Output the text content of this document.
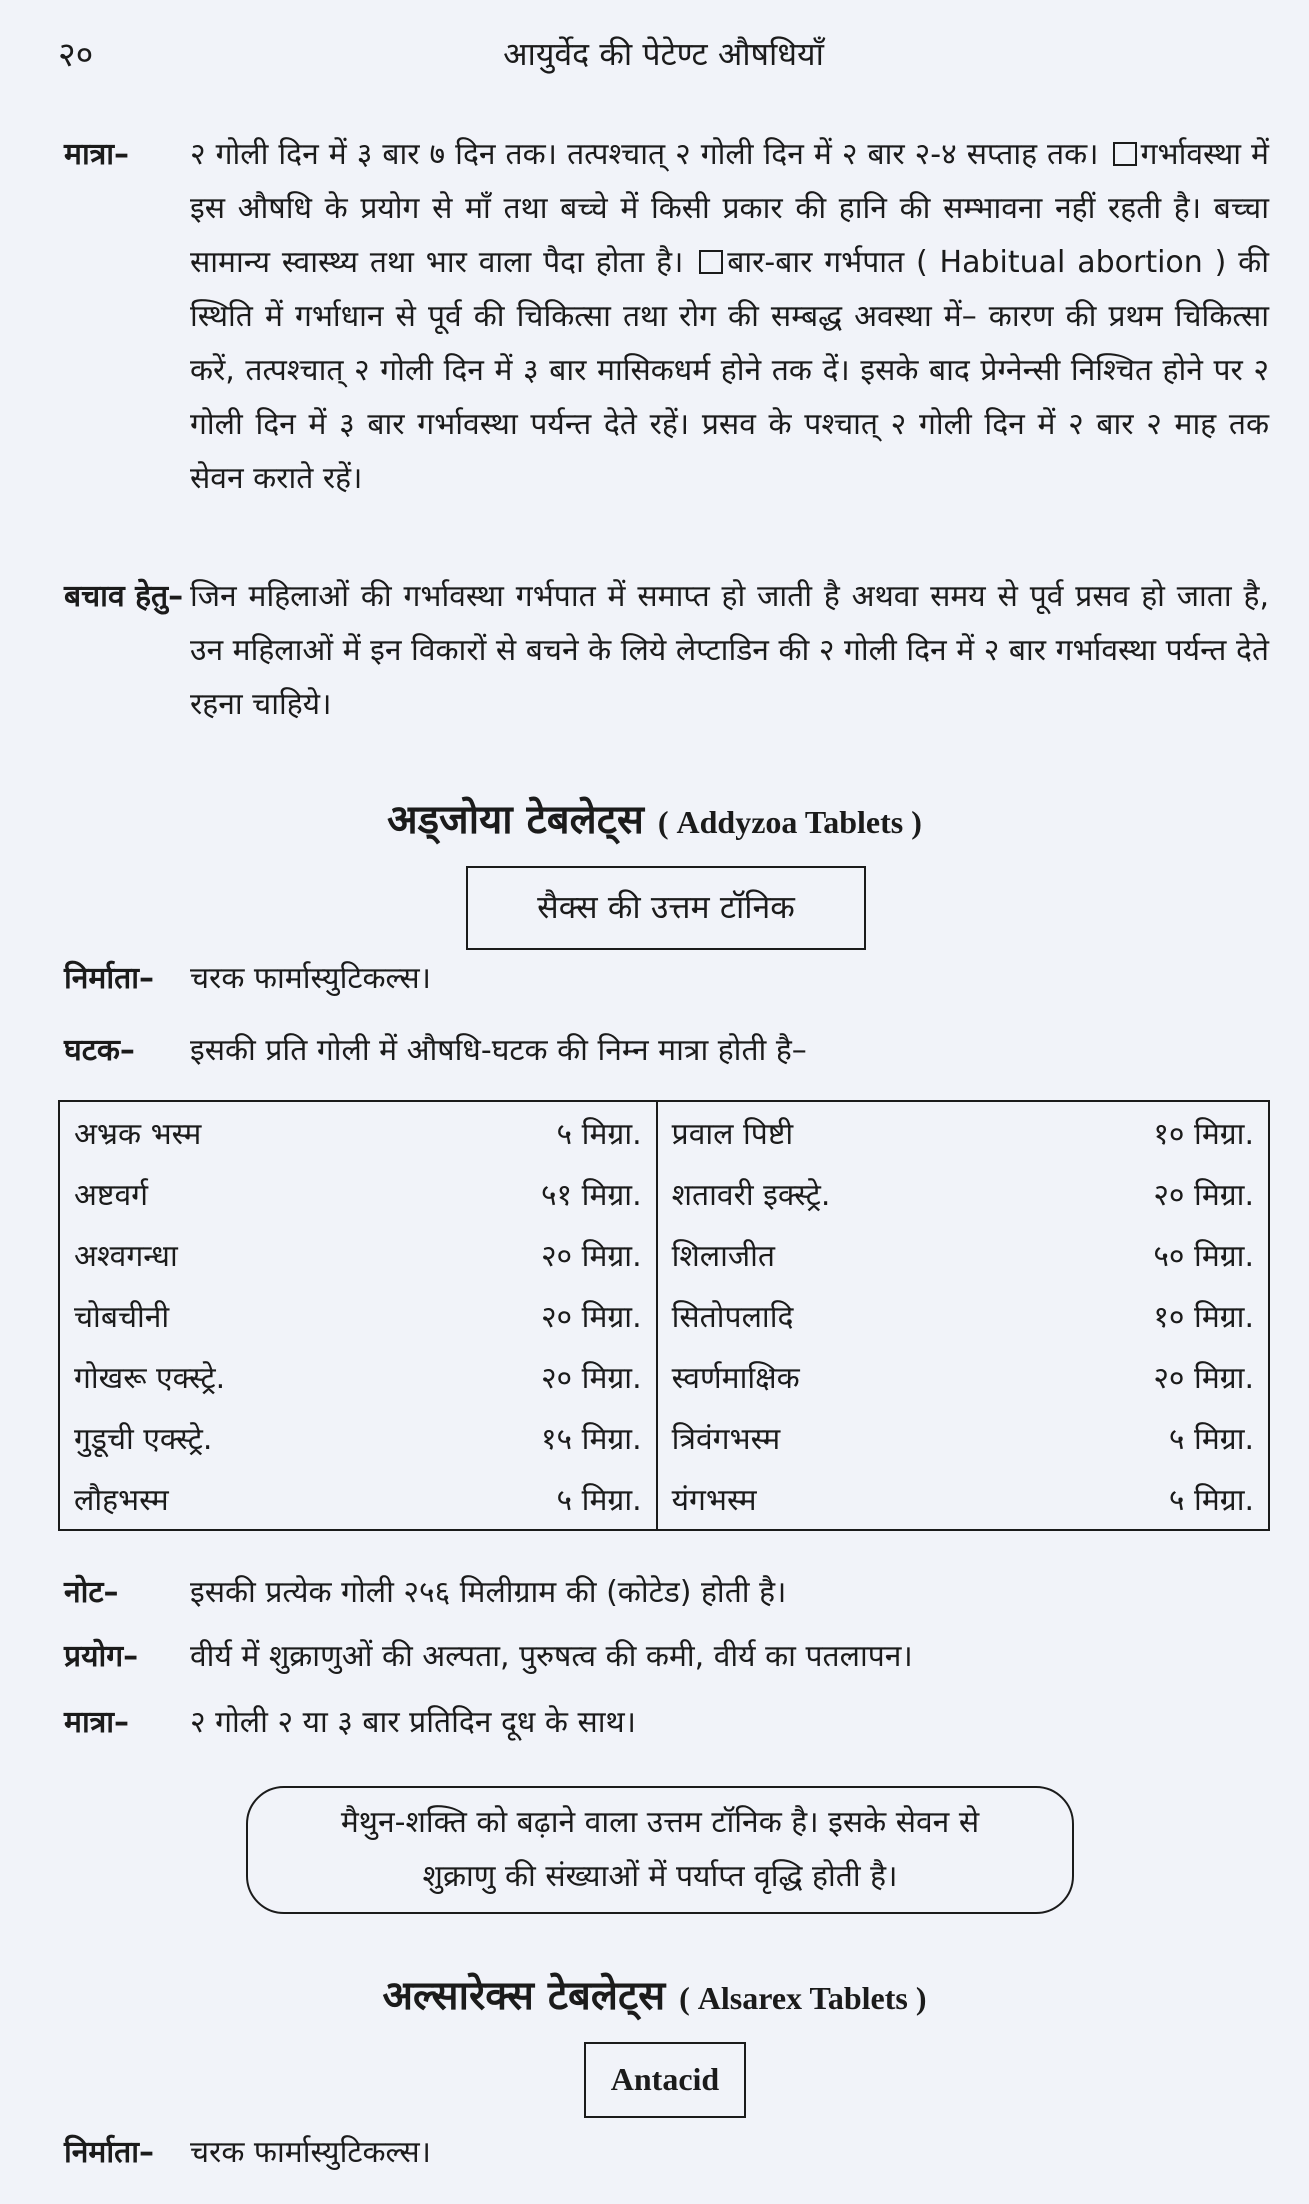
२०	आयुर्वेद की पेटेण्ट औषधियाँ
मात्रा– २ गोली दिन में ३ बार ७ दिन तक। तत्पश्चात् २ गोली दिन में २ बार २-४ सप्ताह तक। गर्भावस्था में इस औषधि के प्रयोग से माँ तथा बच्चे में किसी प्रकार की हानि की सम्भावना नहीं रहती है। बच्चा सामान्य स्वास्थ्य तथा भार वाला पैदा होता है। बार-बार गर्भपात ( Habitual abortion ) की स्थिति में गर्भाधान से पूर्व की चिकित्सा तथा रोग की सम्बद्ध अवस्था में– कारण की प्रथम चिकित्सा करें, तत्पश्चात् २ गोली दिन में ३ बार मासिकधर्म होने तक दें। इसके बाद प्रेग्नेन्सी निश्चित होने पर २ गोली दिन में ३ बार गर्भावस्था पर्यन्त देते रहें। प्रसव के पश्चात् २ गोली दिन में २ बार २ माह तक सेवन कराते रहें।
बचाव हेतु– जिन महिलाओं की गर्भावस्था गर्भपात में समाप्त हो जाती है अथवा समय से पूर्व प्रसव हो जाता है, उन महिलाओं में इन विकारों से बचने के लिये लेप्टाडिन की २ गोली दिन में २ बार गर्भावस्था पर्यन्त देते रहना चाहिये।
अड्जोया टेबलेट्स ( Addyzoa Tablets )
सैक्स की उत्तम टॉनिक
निर्माता– चरक फार्मास्युटिकल्स।
घटक– इसकी प्रति गोली में औषधि-घटक की निम्न मात्रा होती है–
अभ्रक भस्म	५ मिग्रा.	प्रवाल पिष्टी	१० मिग्रा.
अष्टवर्ग	५१ मिग्रा.	शतावरी इक्स्ट्रे.	२० मिग्रा.
अश्वगन्धा	२० मिग्रा.	शिलाजीत	५० मिग्रा.
चोबचीनी	२० मिग्रा.	सितोपलादि	१० मिग्रा.
गोखरू एक्स्ट्रे.	२० मिग्रा.	स्वर्णमाक्षिक	२० मिग्रा.
गुडूची एक्स्ट्रे.	१५ मिग्रा.	त्रिवंगभस्म	५ मिग्रा.
लौहभस्म	५ मिग्रा.	यंगभस्म	५ मिग्रा.
नोट– इसकी प्रत्येक गोली २५६ मिलीग्राम की (कोटेड) होती है।
प्रयोग– वीर्य में शुक्राणुओं की अल्पता, पुरुषत्व की कमी, वीर्य का पतलापन।
मात्रा– २ गोली २ या ३ बार प्रतिदिन दूध के साथ।
मैथुन-शक्ति को बढ़ाने वाला उत्तम टॉनिक है। इसके सेवन से
शुक्राणु की संख्याओं में पर्याप्त वृद्धि होती है।
अल्सारेक्स टेबलेट्स ( Alsarex Tablets )
Antacid
निर्माता– चरक फार्मास्युटिकल्स।
